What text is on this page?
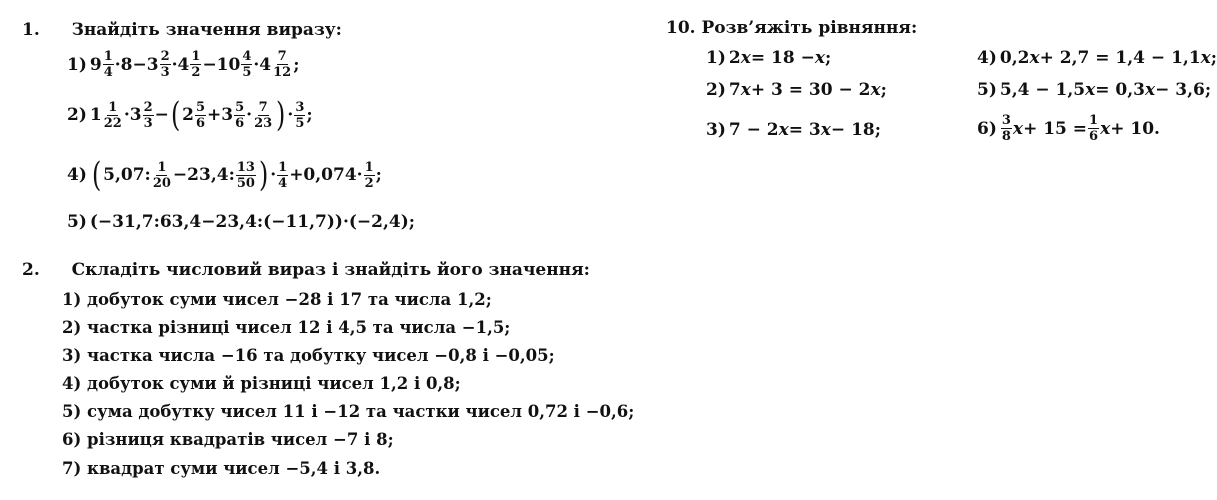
1. Знайдіть значення виразу:
1) $9 \frac{1}{4} \cdot 8-3 \frac{2}{3} \cdot 4 \frac{1}{2} -10 \frac{4}{5} \cdot 4 \frac{7}{12}$ ;
2) $1 \frac{1}{22} \cdot 3 \frac{2}{3}$ − ( $2 \frac{5}{6} +3 \frac{5}{6} \cdot \frac{7}{23}$ ) · $\frac{3}{5}$ ;
4) ( 5,07: $\frac{1}{20} -23,4$: $\frac{13}{50}$ ) · $\frac{1}{4} +0,074\cdot \frac{1}{2}$ ;
5) (−31,7:63,4−23,4:(−11,7))·(−2,4);
2. Складіть числовий вираз і знайдіть його значення:
1) добуток суми чисел −28 і 17 та числа 1,2;
2) частка різниці чисел 12 і 4,5 та числа −1,5;
3) частка числа −16 та добутку чисел −0,8 і −0,05;
4) добуток суми й різниці чисел 1,2 і 0,8;
5) сума добутку чисел 11 і −12 та частки чисел 0,72 і −0,6;
6) різниця квадратів чисел −7 і 8;
7) квадрат суми чисел −5,4 і 3,8.
10. Розв’яжіть рівняння:
1) 2 x = 18 − x ;
2) 7 x + 3 = 30 − 2 x ;
3) 7 − 2 x = 3 x − 18;
4) 0,2 x + 2,7 = 1,4 − 1,1 x ;
5) 5,4 − 1,5 x = 0,3 x − 3,6;
$6) \frac{3}{8}$ $x + 15 = \frac{1}{6}$ x + 10.
